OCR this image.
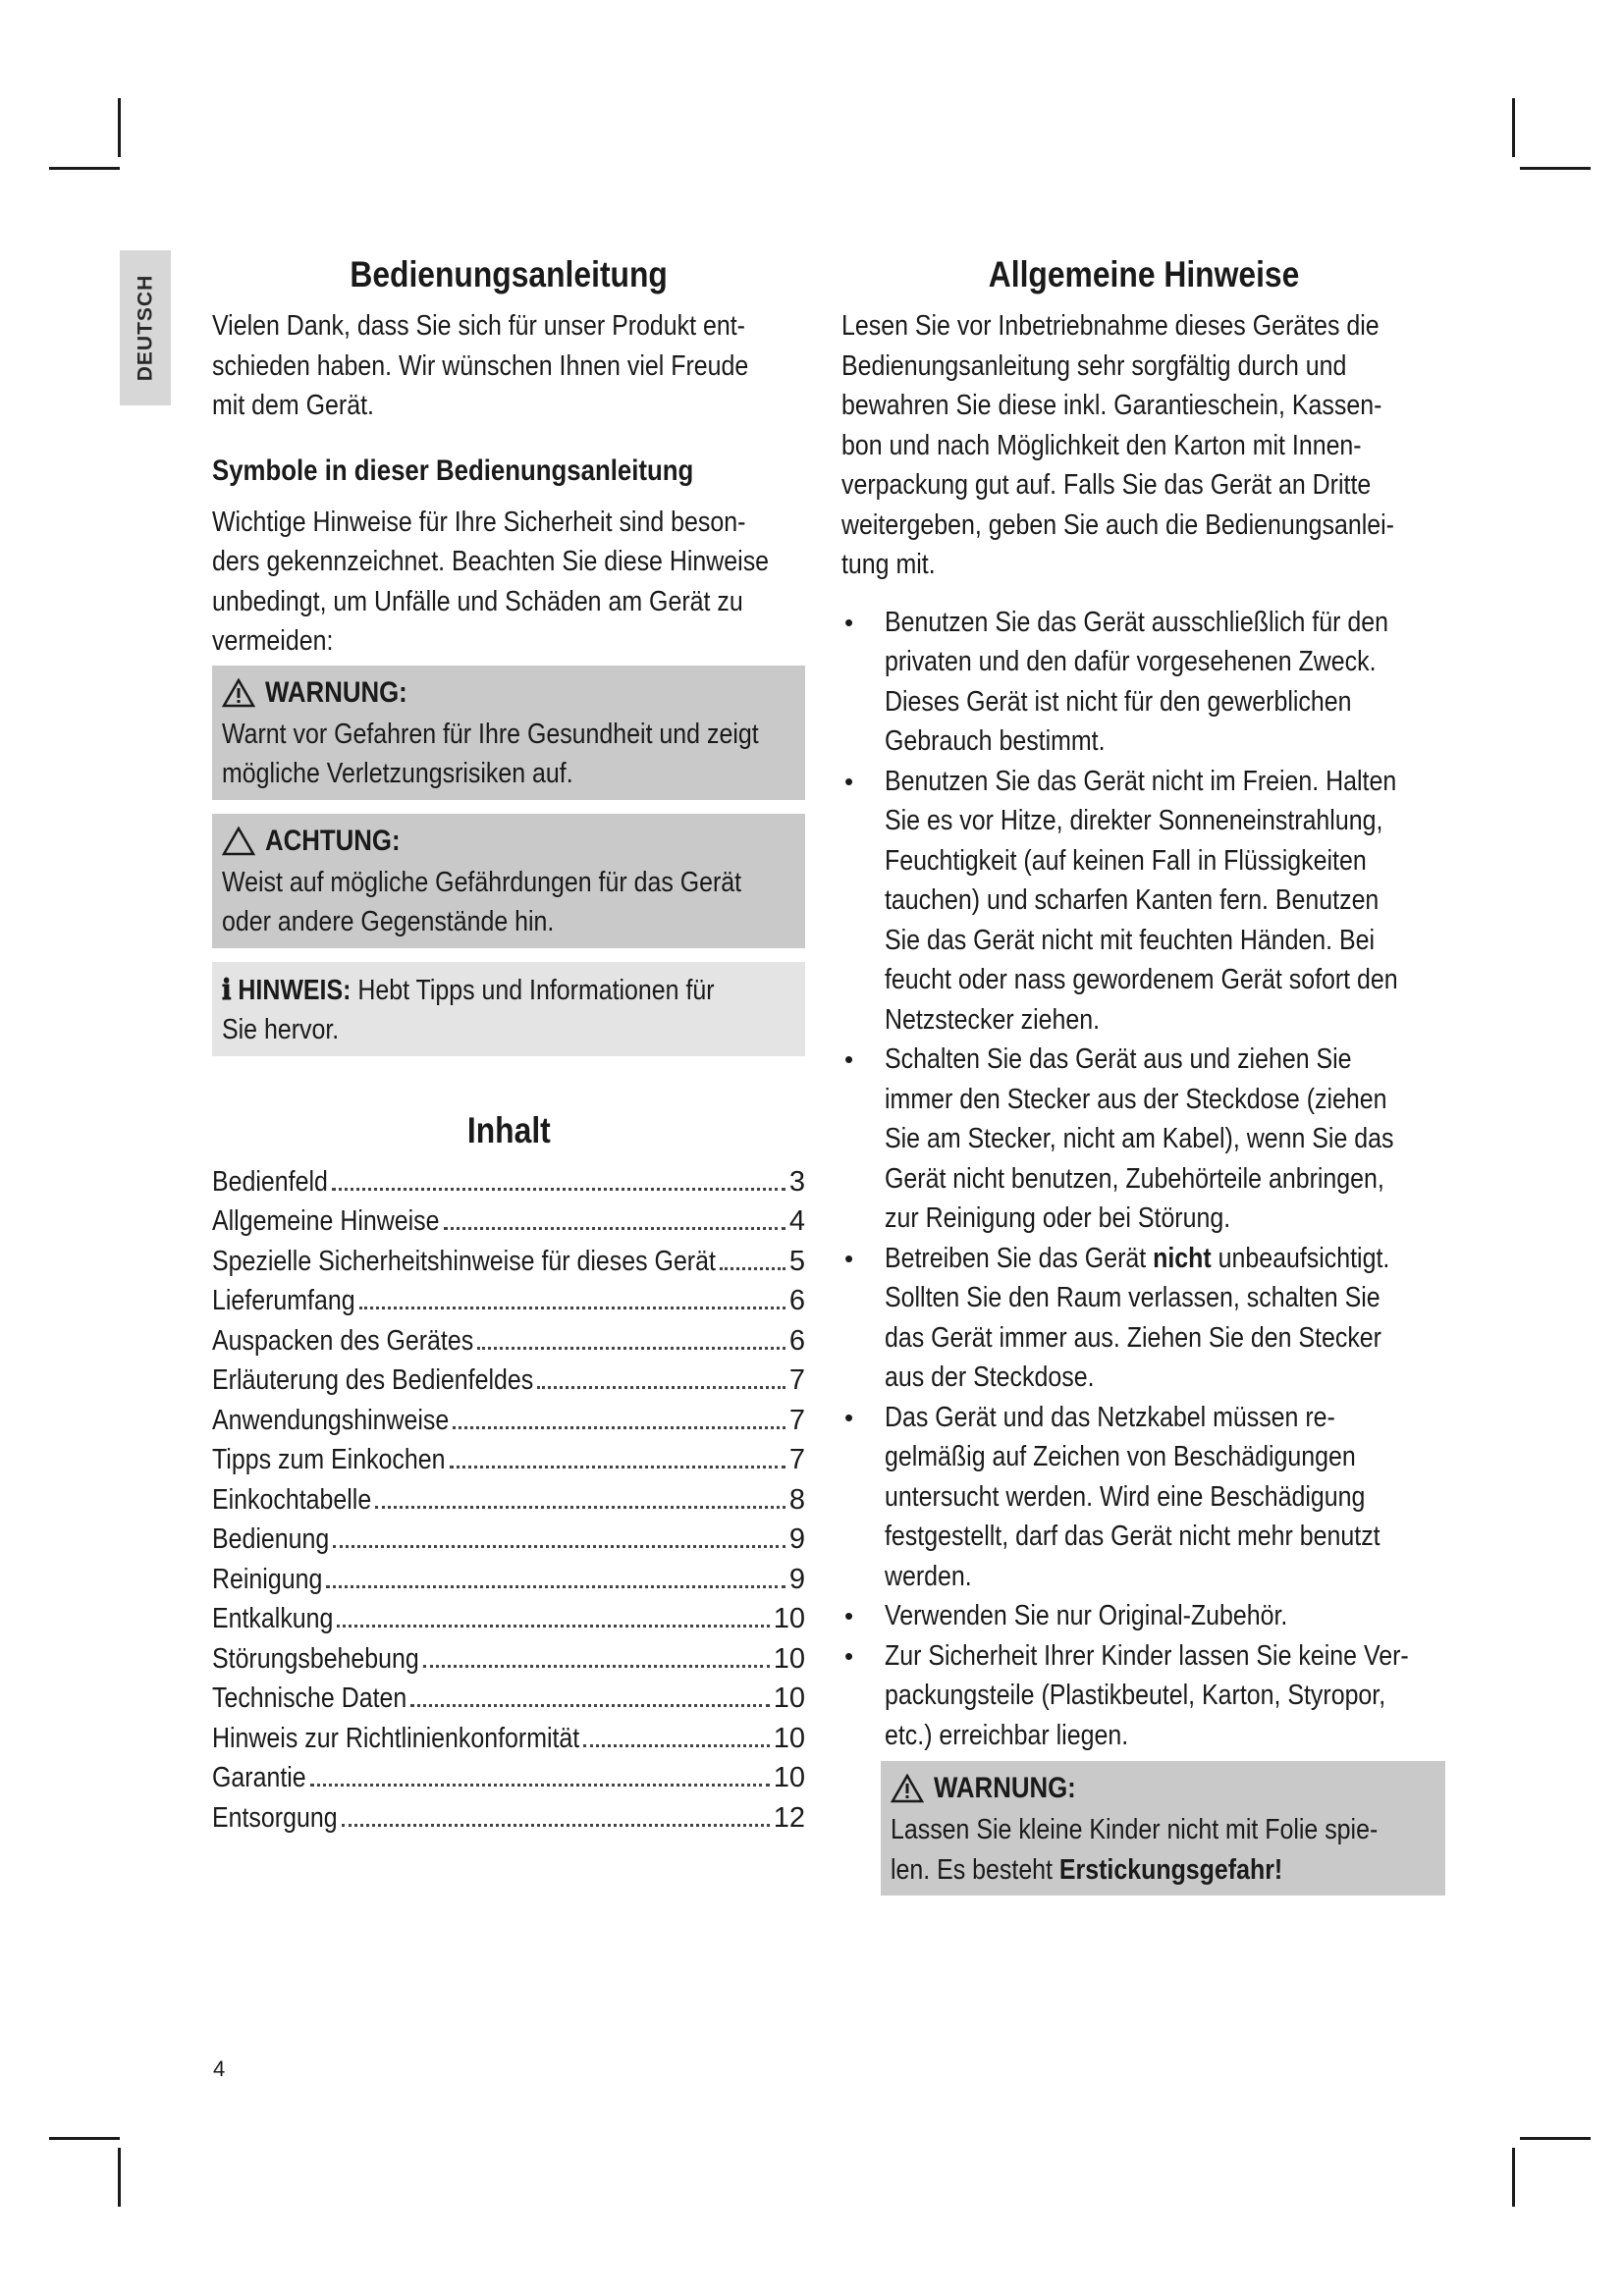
DEUTSCH
Bedienungsanleitung

Vielen Dank, dass Sie sich für unser Produkt ent-
schieden haben. Wir wünschen Ihnen viel Freude
mit dem Gerät.

Symbole in dieser Bedienungsanleitung

Wichtige Hinweise für Ihre Sicherheit sind beson-
ders gekennzeichnet. Beachten Sie diese Hinweise
unbedingt, um Unfälle und Schäden am Gerät zu
vermeiden:

WARNUNG:
Warnt vor Gefahren für Ihre Gesundheit und zeigt
mögliche Verletzungsrisiken auf.
ACHTUNG:
Weist auf mögliche Gefährdungen für das Gerät
oder andere Gegenstände hin.
ℹ HINWEIS: Hebt Tipps und Informationen für
Sie hervor.
Inhalt
Bedienfeld	3
Allgemeine Hinweise	4
Spezielle Sicherheitshinweise für dieses Gerät	5
Lieferumfang	6
Auspacken des Gerätes	6
Erläuterung des Bedienfeldes	7
Anwendungshinweise	7
Tipps zum Einkochen	7
Einkochtabelle	8
Bedienung	9
Reinigung	9
Entkalkung	10
Störungsbehebung	10
Technische Daten	10
Hinweis zur Richtlinienkonformität	10
Garantie	10
Entsorgung	12
Allgemeine Hinweise

Lesen Sie vor Inbetriebnahme dieses Gerätes die
Bedienungsanleitung sehr sorgfältig durch und
bewahren Sie diese inkl. Garantieschein, Kassen-
bon und nach Möglichkeit den Karton mit Innen-
verpackung gut auf. Falls Sie das Gerät an Dritte
weitergeben, geben Sie auch die Bedienungsanlei-
tung mit.

• Benutzen Sie das Gerät ausschließlich für den
privaten und den dafür vorgesehenen Zweck.
Dieses Gerät ist nicht für den gewerblichen
Gebrauch bestimmt.
• Benutzen Sie das Gerät nicht im Freien. Halten
Sie es vor Hitze, direkter Sonneneinstrahlung,
Feuchtigkeit (auf keinen Fall in Flüssigkeiten
tauchen) und scharfen Kanten fern. Benutzen
Sie das Gerät nicht mit feuchten Händen. Bei
feucht oder nass gewordenem Gerät sofort den
Netzstecker ziehen.
• Schalten Sie das Gerät aus und ziehen Sie
immer den Stecker aus der Steckdose (ziehen
Sie am Stecker, nicht am Kabel), wenn Sie das
Gerät nicht benutzen, Zubehörteile anbringen,
zur Reinigung oder bei Störung.
• Betreiben Sie das Gerät nicht unbeaufsichtigt.
Sollten Sie den Raum verlassen, schalten Sie
das Gerät immer aus. Ziehen Sie den Stecker
aus der Steckdose.
• Das Gerät und das Netzkabel müssen re-
gelmäßig auf Zeichen von Beschädigungen
untersucht werden. Wird eine Beschädigung
festgestellt, darf das Gerät nicht mehr benutzt
werden.
• Verwenden Sie nur Original-Zubehör.
• Zur Sicherheit Ihrer Kinder lassen Sie keine Ver-
packungsteile (Plastikbeutel, Karton, Styropor,
etc.) erreichbar liegen.
WARNUNG:
Lassen Sie kleine Kinder nicht mit Folie spie-
len. Es besteht Erstickungsgefahr!
4
